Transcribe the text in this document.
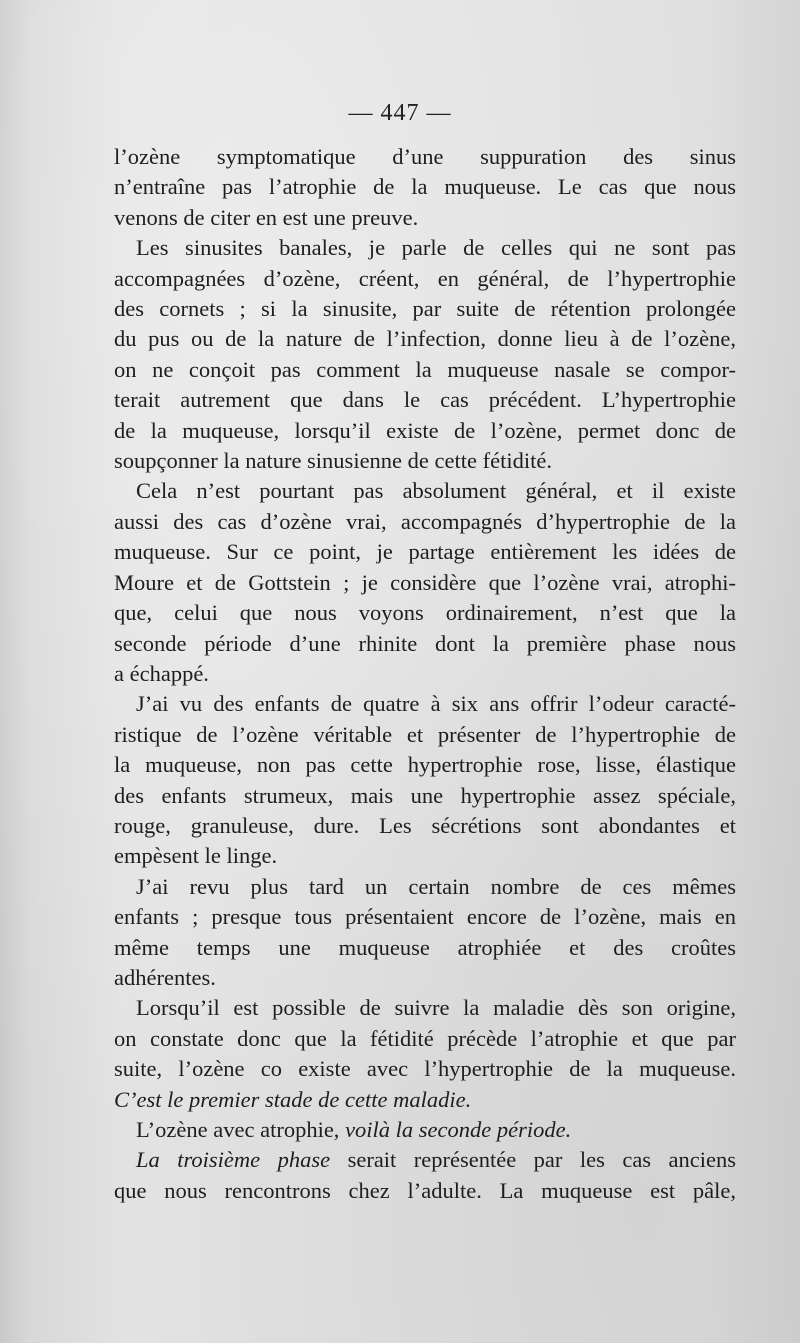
— 447 —

l’ozène symptomatique d’une suppuration des sinus

n’entraîne pas l’atrophie de la muqueuse. Le cas que nous

venons de citer en est une preuve.

Les sinusites banales, je parle de celles qui ne sont pas

accompagnées d’ozène, créent, en général, de l’hypertrophie

des cornets ; si la sinusite, par suite de rétention prolongée

du pus ou de la nature de l’infection, donne lieu à de l’ozène,

on ne conçoit pas comment la muqueuse nasale se compor-

terait autrement que dans le cas précédent. L’hypertrophie

de la muqueuse, lorsqu’il existe de l’ozène, permet donc de

soupçonner la nature sinusienne de cette fétidité.

Cela n’est pourtant pas absolument général, et il existe

aussi des cas d’ozène vrai, accompagnés d’hypertrophie de la

muqueuse. Sur ce point, je partage entièrement les idées de

Moure et de Gottstein ; je considère que l’ozène vrai, atrophi-

que, celui que nous voyons ordinairement, n’est que la

seconde période d’une rhinite dont la première phase nous

a échappé.

J’ai vu des enfants de quatre à six ans offrir l’odeur caracté-

ristique de l’ozène véritable et présenter de l’hypertrophie de

la muqueuse, non pas cette hypertrophie rose, lisse, élastique

des enfants strumeux, mais une hypertrophie assez spéciale,

rouge, granuleuse, dure. Les sécrétions sont abondantes et

empèsent le linge.

J’ai revu plus tard un certain nombre de ces mêmes

enfants ; presque tous présentaient encore de l’ozène, mais en

même temps une muqueuse atrophiée et des croûtes

adhérentes.

Lorsqu’il est possible de suivre la maladie dès son origine,

on constate donc que la fétidité précède l’atrophie et que par

suite, l’ozène co existe avec l’hypertrophie de la muqueuse.

C’est le premier stade de cette maladie.

L’ozène avec atrophie, voilà la seconde période.

La troisième phase serait représentée par les cas anciens

que nous rencontrons chez l’adulte. La muqueuse est pâle,
